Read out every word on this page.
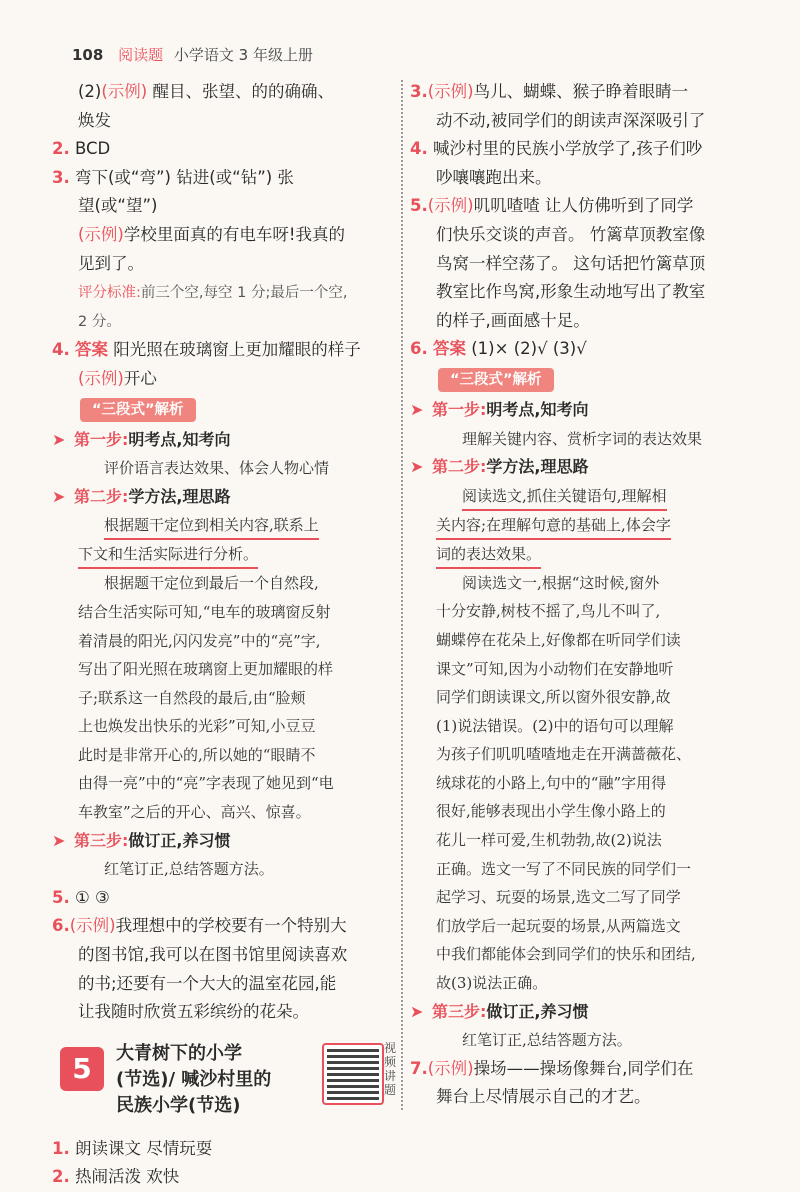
108 阅读题 小学语文 3 年级上册
(2)(示例) 醒目、张望、的的确确、
焕发
2. BCD
3. 弯下(或“弯”) 钻进(或“钻”) 张
望(或“望”)
(示例)学校里面真的有电车呀!我真的
见到了。
评分标准:前三个空,每空 1 分;最后一个空,
2 分。
4. 答案 阳光照在玻璃窗上更加耀眼的样子
(示例)开心
“三段式”解析
➤ 第一步:明考点,知考向
评价语言表达效果、体会人物心情
➤ 第二步:学方法,理思路
根据题干定位到相关内容,联系上
下文和生活实际进行分析。
根据题干定位到最后一个自然段,
结合生活实际可知,“电车的玻璃窗反射
着清晨的阳光,闪闪发亮”中的“亮”字,
写出了阳光照在玻璃窗上更加耀眼的样
子;联系这一自然段的最后,由“脸颊
上也焕发出快乐的光彩”可知,小豆豆
此时是非常开心的,所以她的“眼睛不
由得一亮”中的“亮”字表现了她见到“电
车教室”之后的开心、高兴、惊喜。
➤ 第三步:做订正,养习惯
红笔订正,总结答题方法。
5. ① ③
6.(示例)我理想中的学校要有一个特别大
的图书馆,我可以在图书馆里阅读喜欢
的书;还要有一个大大的温室花园,能
让我随时欣赏五彩缤纷的花朵。
5	大青树下的小学
(节选)/ 喊沙村里的
民族小学(节选)
视频讲题
1. 朗读课文 尽情玩耍
2. 热闹活泼 欢快
3.(示例)鸟儿、蝴蝶、猴子睁着眼睛一
动不动,被同学们的朗读声深深吸引了
4. 喊沙村里的民族小学放学了,孩子们吵
吵嚷嚷跑出来。
5.(示例)叽叽喳喳 让人仿佛听到了同学
们快乐交谈的声音。 竹篱草顶教室像
鸟窝一样空荡了。 这句话把竹篱草顶
教室比作鸟窝,形象生动地写出了教室
的样子,画面感十足。
6. 答案 (1)× (2)√ (3)√
“三段式”解析
➤ 第一步:明考点,知考向
理解关键内容、赏析字词的表达效果
➤ 第二步:学方法,理思路
阅读选文,抓住关键语句,理解相
关内容;在理解句意的基础上,体会字
词的表达效果。
阅读选文一,根据“这时候,窗外
十分安静,树枝不摇了,鸟儿不叫了,
蝴蝶停在花朵上,好像都在听同学们读
课文”可知,因为小动物们在安静地听
同学们朗读课文,所以窗外很安静,故
(1)说法错误。(2)中的语句可以理解
为孩子们叽叽喳喳地走在开满蔷薇花、
绒球花的小路上,句中的“融”字用得
很好,能够表现出小学生像小路上的
花儿一样可爱,生机勃勃,故(2)说法
正确。选文一写了不同民族的同学们一
起学习、玩耍的场景,选文二写了同学
们放学后一起玩耍的场景,从两篇选文
中我们都能体会到同学们的快乐和团结,
故(3)说法正确。
➤ 第三步:做订正,养习惯
红笔订正,总结答题方法。
7.(示例)操场——操场像舞台,同学们在
舞台上尽情展示自己的才艺。
